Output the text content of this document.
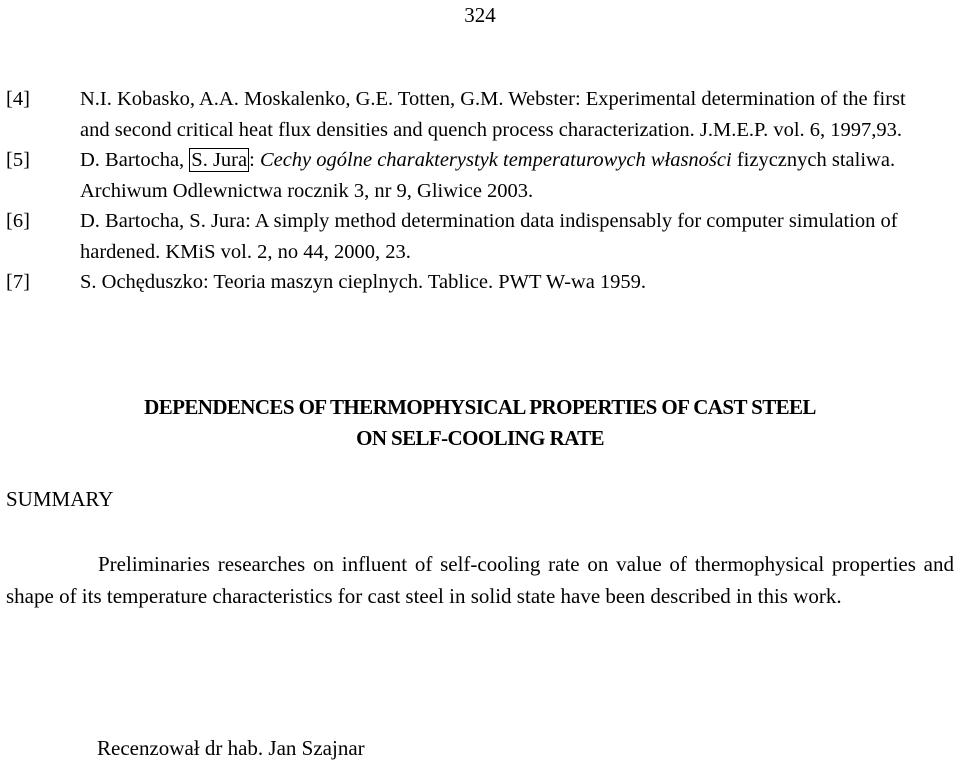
324
[4]	N.I. Kobasko, A.A. Moskalenko, G.E. Totten, G.M. Webster: Experimental determination of the first and second critical heat flux densities and quench process characterization. J.M.E.P. vol. 6, 1997,93.
[5]	D. Bartocha, S. Jura: Cechy ogólne charakterystyk temperaturowych własności fizycznych staliwa. Archiwum Odlewnictwa rocznik 3, nr 9, Gliwice 2003.
[6]	D. Bartocha, S. Jura: A simply method determination data indispensably for computer simulation of hardened. KMiS vol. 2, no 44, 2000, 23.
[7]	S. Ochęduszko: Teoria maszyn cieplnych. Tablice. PWT W-wa 1959.
DEPENDENCES OF THERMOPHYSICAL PROPERTIES OF CAST STEEL
ON SELF-COOLING RATE
SUMMARY
Preliminaries researches on influent of self-cooling rate on value of thermophysical properties and shape of its temperature characteristics for cast steel in solid state have been described in this work.
Recenzował dr hab. Jan Szajnar
